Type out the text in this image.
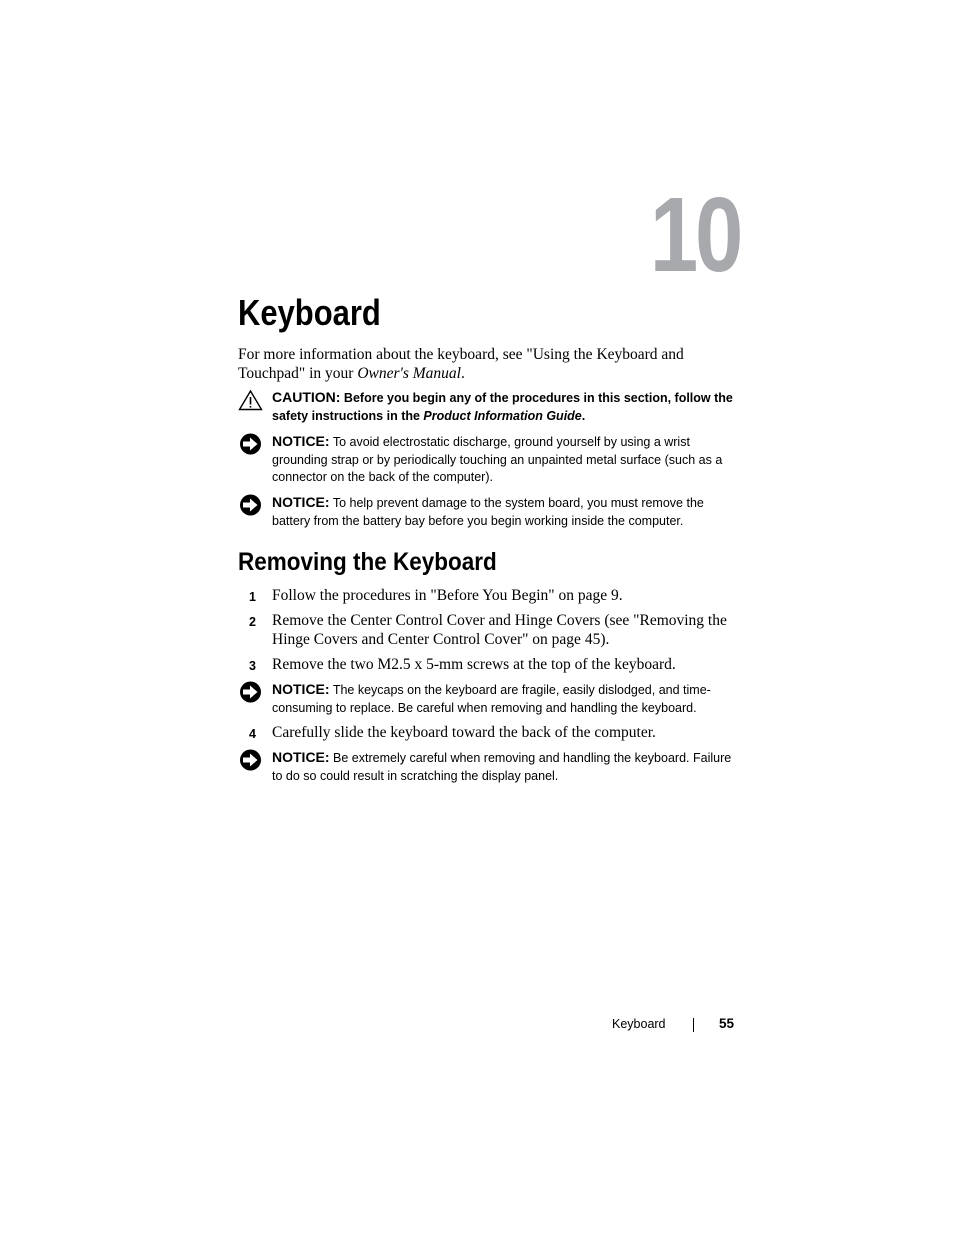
10
Keyboard

For more information about the keyboard, see "Using the Keyboard and Touchpad" in your Owner's Manual.

CAUTION: Before you begin any of the procedures in this section, follow the safety instructions in the Product Information Guide.
NOTICE: To avoid electrostatic discharge, ground yourself by using a wrist grounding strap or by periodically touching an unpainted metal surface (such as a connector on the back of the computer).
NOTICE: To help prevent damage to the system board, you must remove the battery from the battery bay before you begin working inside the computer.
Removing the Keyboard
1 Follow the procedures in "Before You Begin" on page 9.
2 Remove the Center Control Cover and Hinge Covers (see "Removing the Hinge Covers and Center Control Cover" on page 45).
3 Remove the two M2.5 x 5-mm screws at the top of the keyboard.
NOTICE: The keycaps on the keyboard are fragile, easily dislodged, and time-consuming to replace. Be careful when removing and handling the keyboard.
4 Carefully slide the keyboard toward the back of the computer.
NOTICE: Be extremely careful when removing and handling the keyboard. Failure to do so could result in scratching the display panel.
Keyboard	55
